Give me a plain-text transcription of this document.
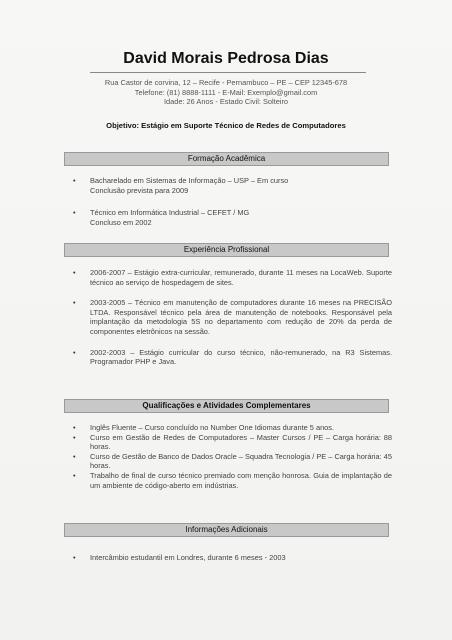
David Morais Pedrosa Dias
Rua Castor de corvina, 12 – Recife - Pernambuco – PE – CEP 12345-678
Telefone: (81) 8888-1111 - E-Mail: Exemplo@gmail.com
Idade: 26 Anos - Estado Civil: Solteiro
Objetivo: Estágio em Suporte Técnico de Redes de Computadores
Formação Acadêmica
• Bacharelado em Sistemas de Informação – USP – Em curso
Conclusão prevista para 2009
• Técnico em Informática Industrial – CEFET / MG
Concluso em 2002
Experiência Profissional
• 2006-2007 – Estágio extra-curricular, remunerado, durante 11 meses na LocaWeb. Suporte técnico ao serviço de hospedagem de sites.
• 2003-2005 – Técnico em manutenção de computadores durante 16 meses na PRECISÃO LTDA. Responsável técnico pela área de manutenção de notebooks. Responsável pela implantação da metodologia 5S no departamento com redução de 20% da perda de componentes eletrônicos na sessão.
• 2002-2003 – Estágio curricular do curso técnico, não-remunerado, na R3 Sistemas. Programador PHP e Java.
Qualificações e Atividades Complementares
• Inglês Fluente – Curso concluído no Number One Idiomas durante 5 anos.
• Curso em Gestão de Redes de Computadores – Master Cursos / PE – Carga horária: 88 horas.
• Curso de Gestão de Banco de Dados Oracle – Squadra Tecnologia / PE – Carga horária: 45 horas.
• Trabalho de final de curso técnico premiado com menção honrosa. Guia de implantação de um ambiente de código-aberto em indústrias.
Informações Adicionais
• Intercâmbio estudantil em Londres, durante 6 meses - 2003
